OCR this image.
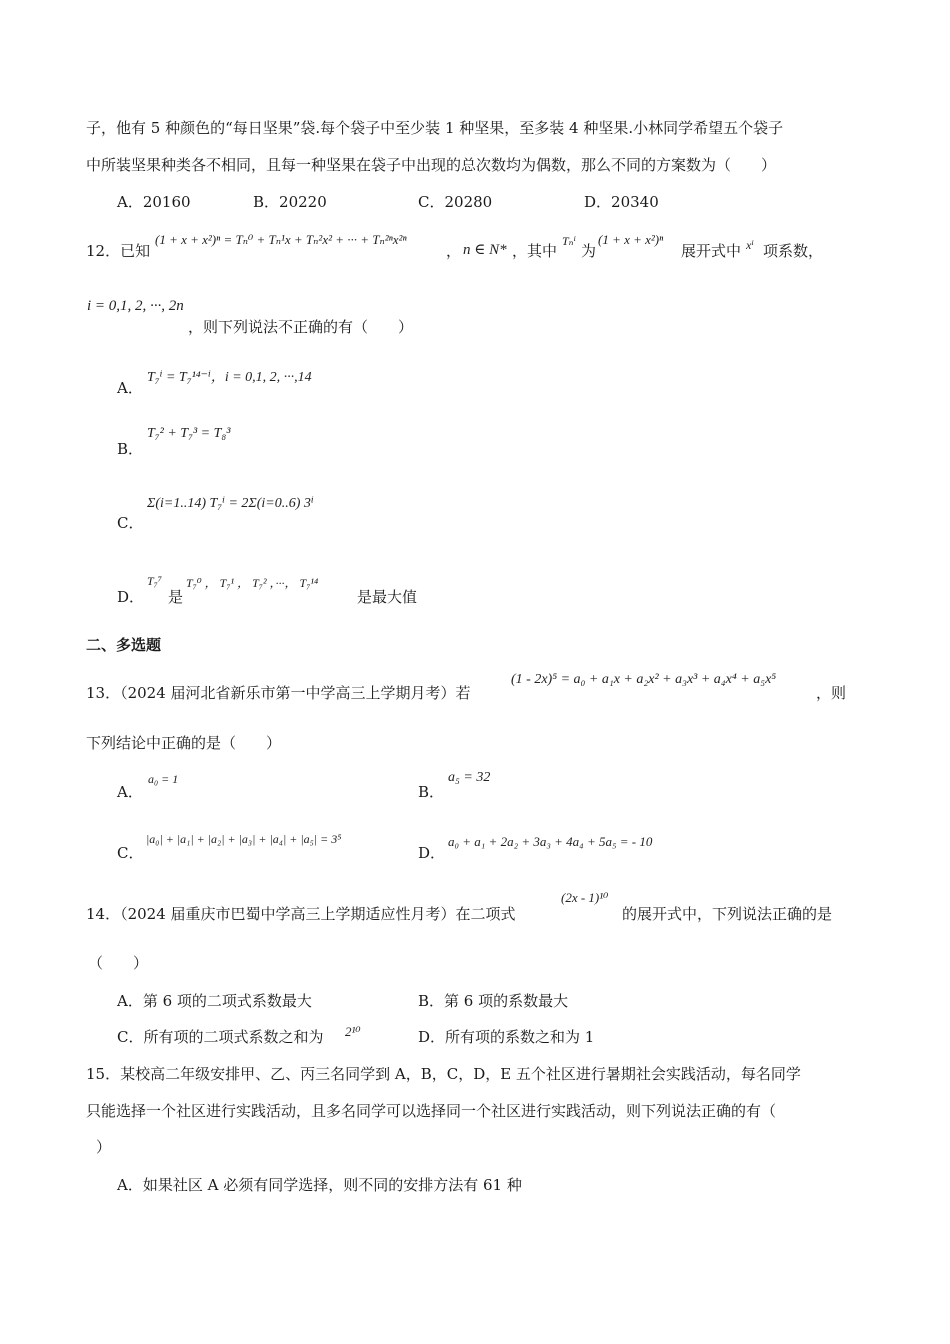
子，他有 5 种颜色的“每日坚果”袋.每个袋子中至少装 1 种坚果，至多装 4 种坚果.小林同学希望五个袋子
中所装坚果种类各不相同，且每一种坚果在袋子中出现的总次数均为偶数，那么不同的方案数为（　　）
A．20160	B．20220	C．20280	D．20340
12．已知
(1 + x + x²)ⁿ = Tₙ⁰ + Tₙ¹x + Tₙ²x² + ··· + Tₙ²ⁿx²ⁿ
， n ∈ N* ，其中
Tₙⁱ
为
(1 + x + x²)ⁿ
展开式中 xⁱ 项系数，
i = 0,1, 2, ···, 2n
，则下列说法不正确的有（　　）
A．
T₇ⁱ = T₇¹⁴⁻ⁱ，i = 0,1, 2, ···,14
B．
T₇² + T₇³ = T₈³
C．
Σ(i=1..14) T₇ⁱ = 2Σ(i=0..6) 3ⁱ
D．
T₇⁷
是
T₇⁰ ， T₇¹ ， T₇² ，···， T₇¹⁴
是最大值
二、多选题
13．（2024 届河北省新乐市第一中学高三上学期月考）若
(1 - 2x)⁵ = a₀ + a₁x + a₂x² + a₃x³ + a₄x⁴ + a₅x⁵
，则
下列结论中正确的是（　　）
A．
a₀ = 1
B．
a₅ = 32
C．
|a₀| + |a₁| + |a₂| + |a₃| + |a₄| + |a₅| = 3⁵
D．
a₀ + a₁ + 2a₂ + 3a₃ + 4a₄ + 5a₅ = - 10
14．（2024 届重庆市巴蜀中学高三上学期适应性月考）在二项式
(2x - 1)¹⁰
的展开式中，下列说法正确的是
（　　）
A．第 6 项的二项式系数最大	B．第 6 项的系数最大
C．所有项的二项式系数之和为 2¹⁰	D．所有项的系数之和为 1
15．某校高二年级安排甲、乙、丙三名同学到 A，B，C，D，E 五个社区进行暑期社会实践活动，每名同学
只能选择一个社区进行实践活动，且多名同学可以选择同一个社区进行实践活动，则下列说法正确的有（
）
A．如果社区 A 必须有同学选择，则不同的安排方法有 61 种
